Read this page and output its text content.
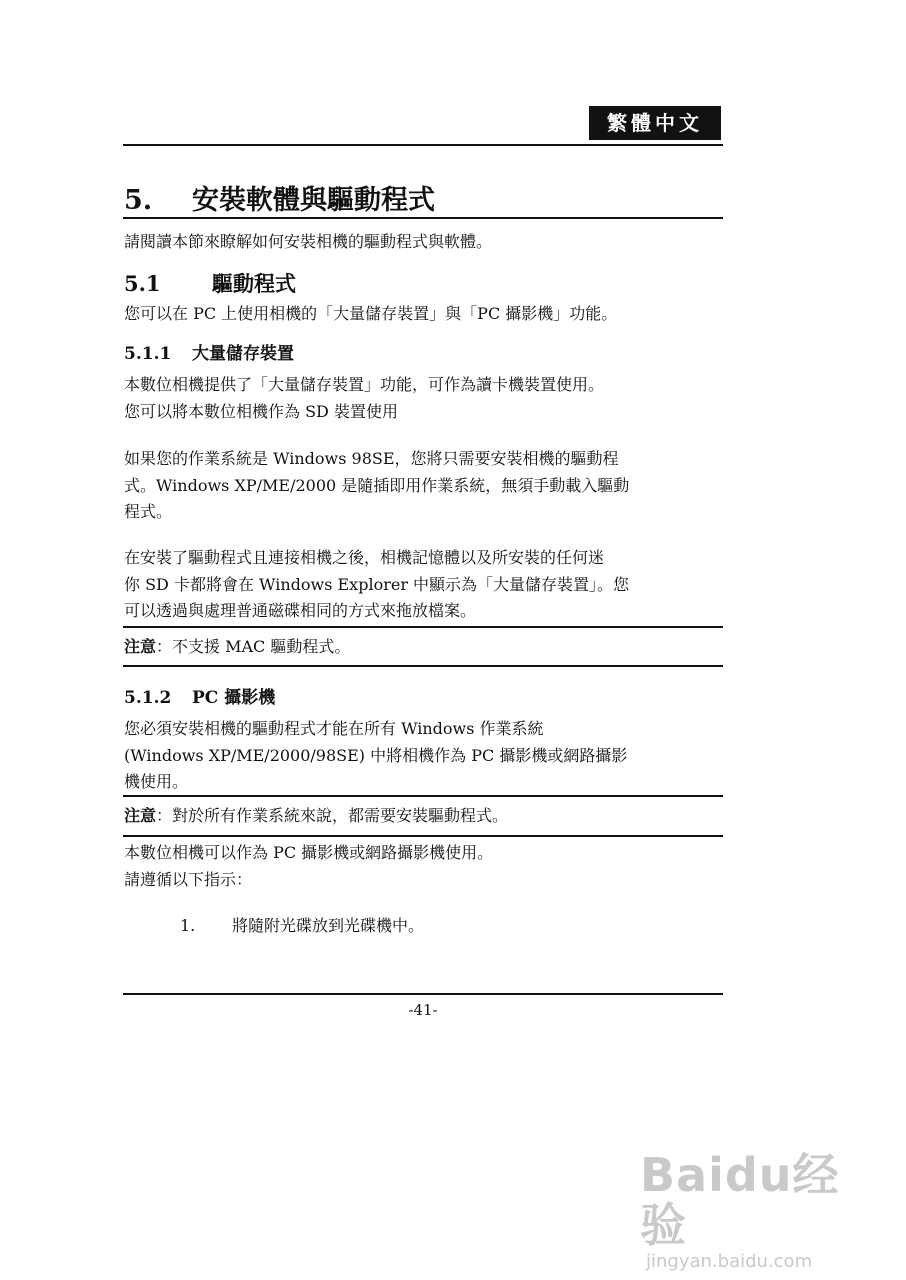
繁體中文
5. 安裝軟體與驅動程式
請閱讀本節來瞭解如何安裝相機的驅動程式與軟體。
5.1 驅動程式
您可以在 PC 上使用相機的「大量儲存裝置」與「PC 攝影機」功能。
5.1.1 大量儲存裝置
本數位相機提供了「大量儲存裝置」功能，可作為讀卡機裝置使用。
您可以將本數位相機作為 SD 裝置使用
如果您的作業系統是 Windows 98SE，您將只需要安裝相機的驅動程
式。Windows XP/ME/2000 是隨插即用作業系統，無須手動載入驅動
程式。
在安裝了驅動程式且連接相機之後，相機記憶體以及所安裝的任何迷
你 SD 卡都將會在 Windows Explorer 中顯示為「大量儲存裝置」。您
可以透過與處理普通磁碟相同的方式來拖放檔案。
注意：不支援 MAC 驅動程式。
5.1.2 PC 攝影機
您必須安裝相機的驅動程式才能在所有 Windows 作業系統
(Windows XP/ME/2000/98SE) 中將相機作為 PC 攝影機或網路攝影
機使用。
注意：對於所有作業系統來說，都需要安裝驅動程式。
本數位相機可以作為 PC 攝影機或網路攝影機使用。
請遵循以下指示：
1. 將隨附光碟放到光碟機中。
-41-
Baidu经验
jingyan.baidu.com
